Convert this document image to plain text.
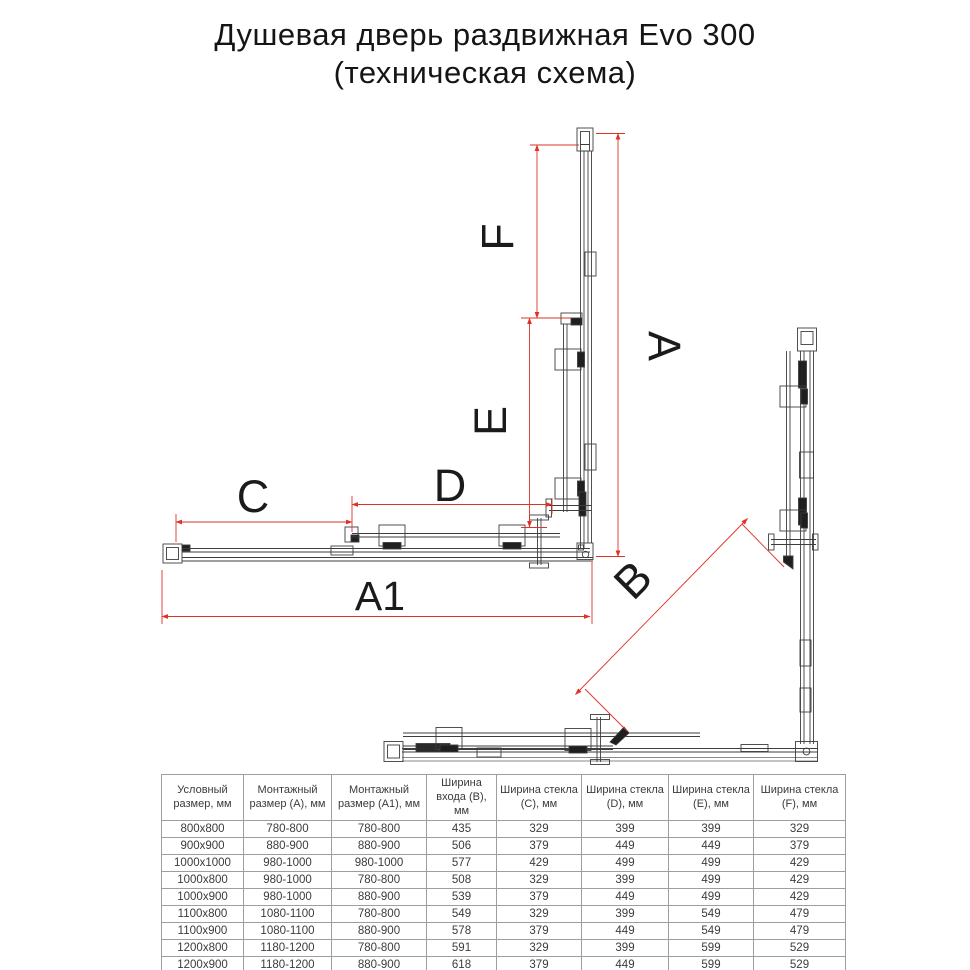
Душевая дверь раздвижная Evo 300
(техническая схема)
F
E
A
C	D
A1	B
Условный размер, мм	Монтажный размер (A), мм	Монтажный размер (A1), мм	Ширина входа (B), мм	Ширина стекла (C), мм	Ширина стекла (D), мм	Ширина стекла (E), мм	Ширина стекла (F), мм
800x800	780-800	780-800	435	329	399	399	329
900x900	880-900	880-900	506	379	449	449	379
1000x1000	980-1000	980-1000	577	429	499	499	429
1000x800	980-1000	780-800	508	329	399	499	429
1000x900	980-1000	880-900	539	379	449	499	429
1100x800	1080-1100	780-800	549	329	399	549	479
1100x900	1080-1100	880-900	578	379	449	549	479
1200x800	1180-1200	780-800	591	329	399	599	529
1200x900	1180-1200	880-900	618	379	449	599	529
